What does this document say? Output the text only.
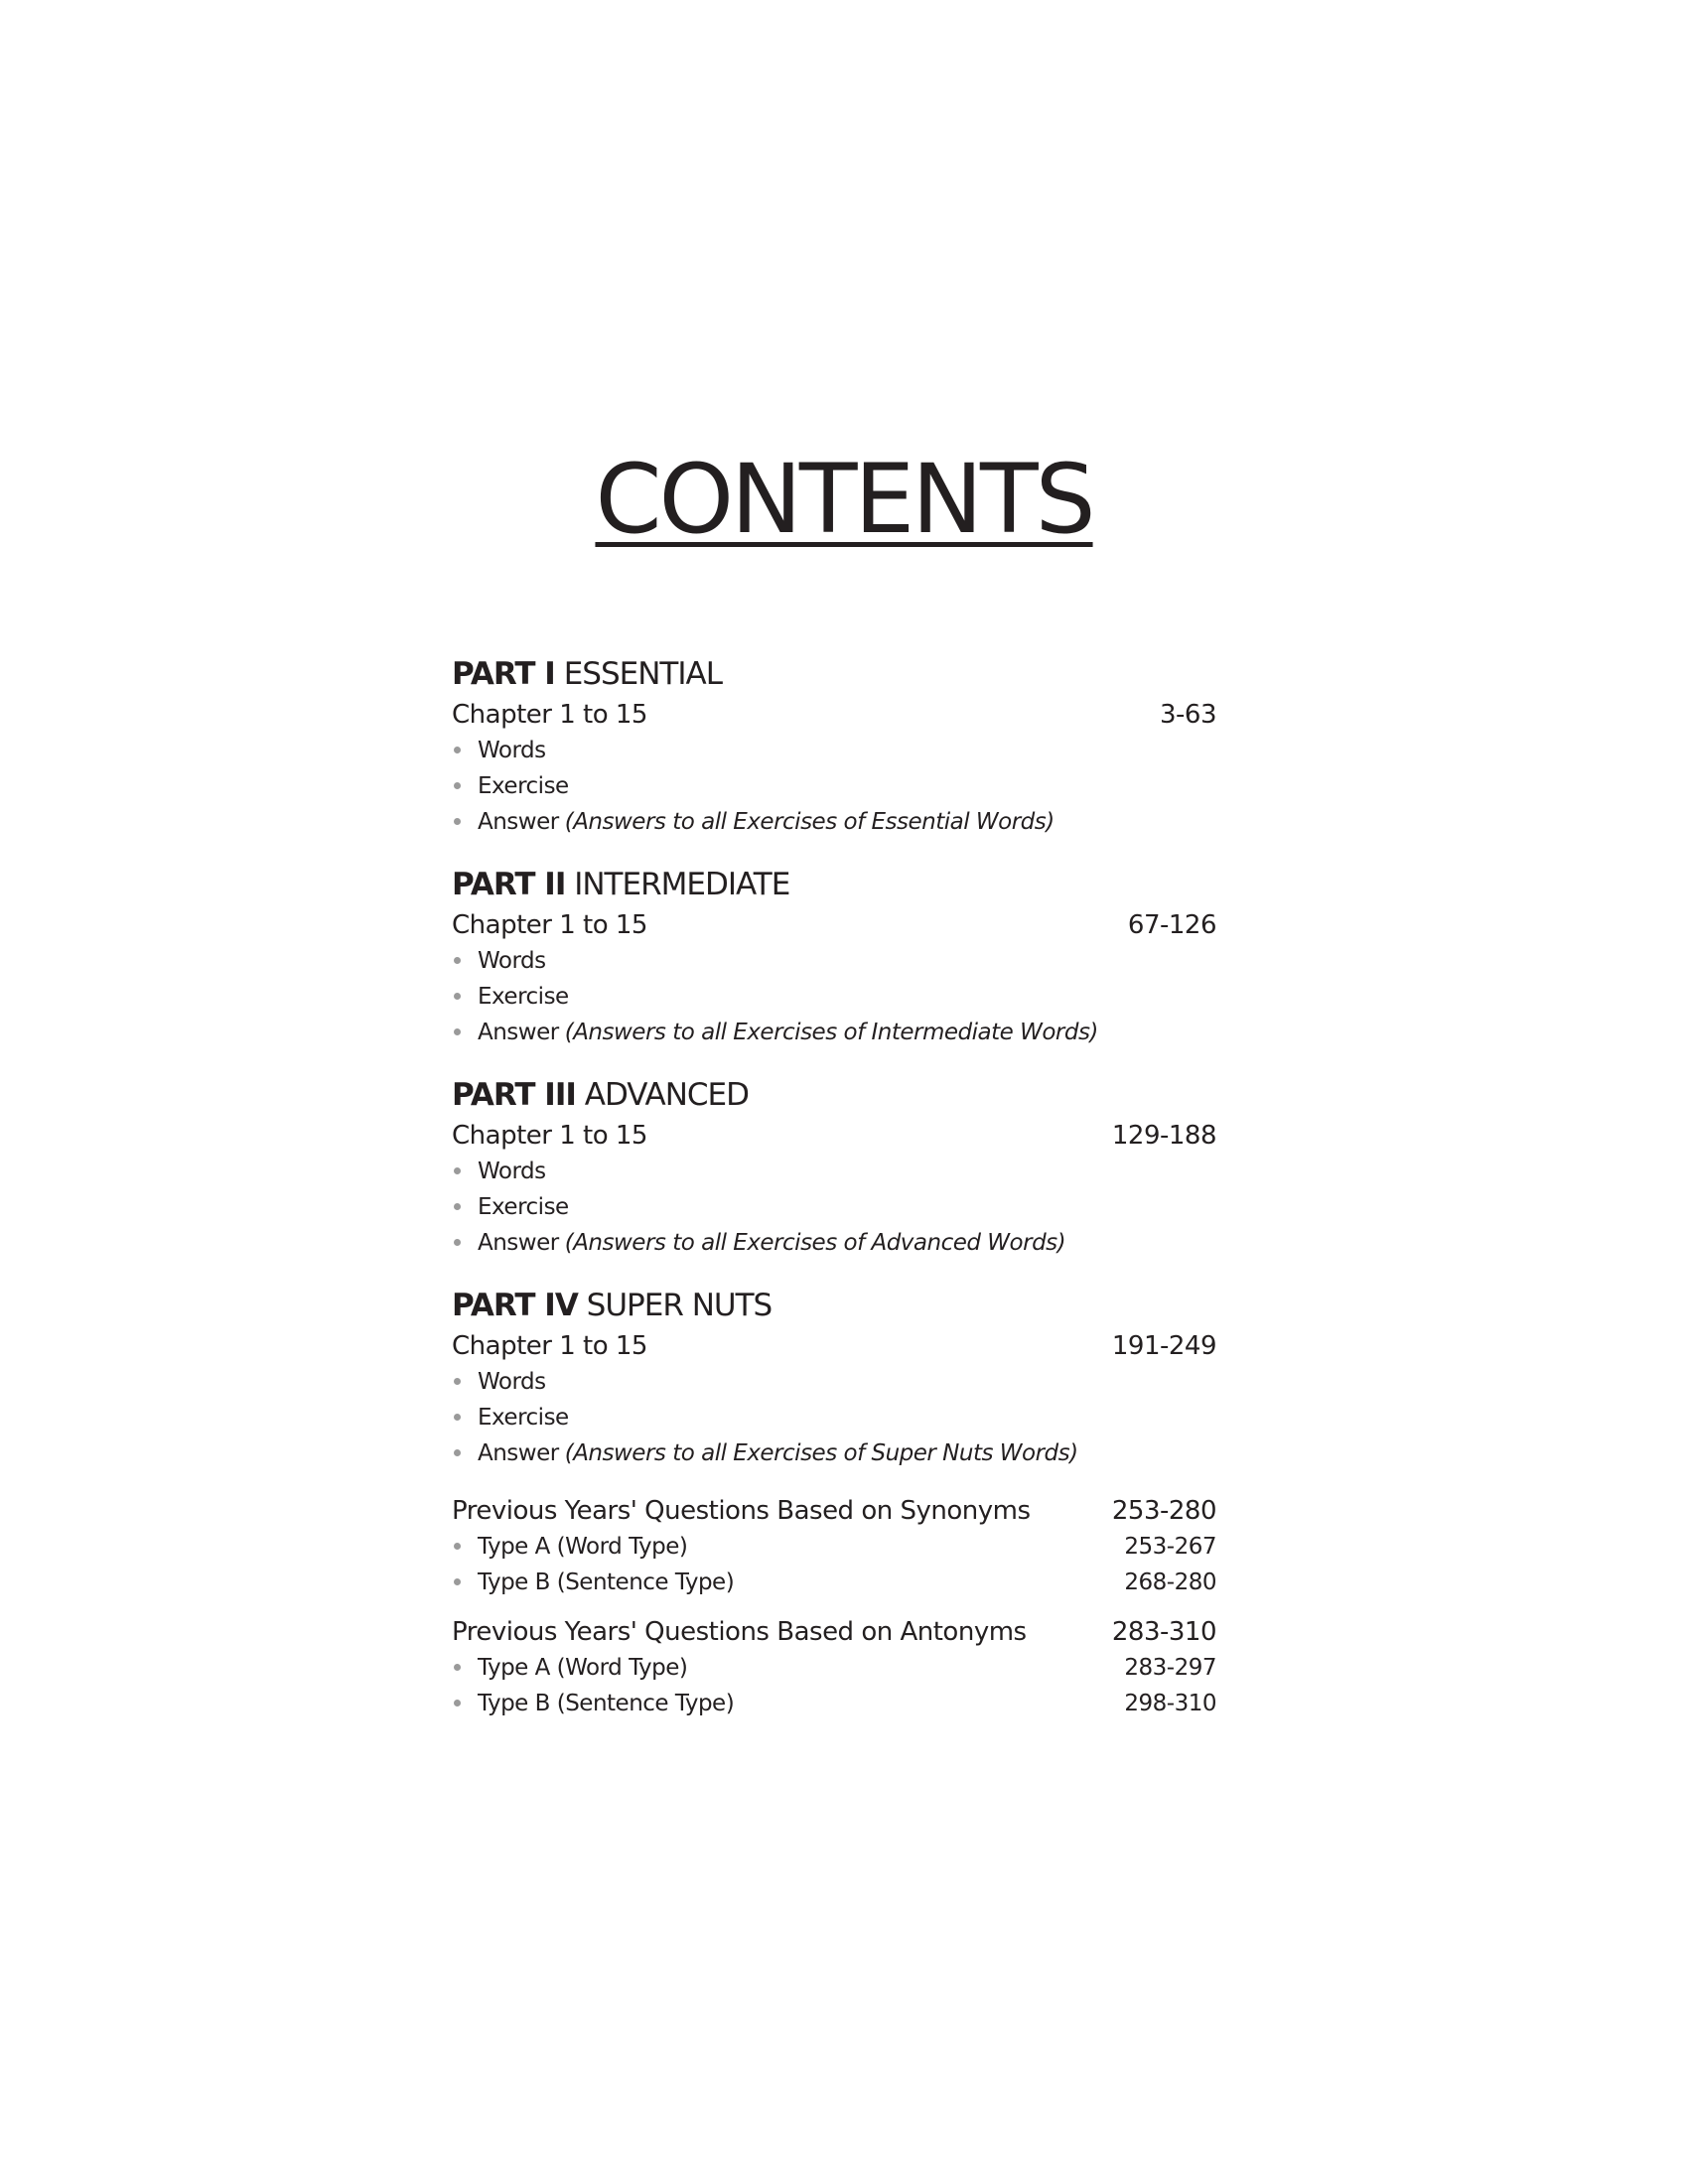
CONTENTS
PART I ESSENTIAL
Chapter 1 to 15	3-63
Words
Exercise
Answer (Answers to all Exercises of Essential Words)
PART II INTERMEDIATE
Chapter 1 to 15	67-126
Words
Exercise
Answer (Answers to all Exercises of Intermediate Words)
PART III ADVANCED
Chapter 1 to 15	129-188
Words
Exercise
Answer (Answers to all Exercises of Advanced Words)
PART IV SUPER NUTS
Chapter 1 to 15	191-249
Words
Exercise
Answer (Answers to all Exercises of Super Nuts Words)
Previous Years' Questions Based on Synonyms	253-280
Type A (Word Type)	253-267
Type B (Sentence Type)	268-280
Previous Years' Questions Based on Antonyms	283-310
Type A (Word Type)	283-297
Type B (Sentence Type)	298-310
